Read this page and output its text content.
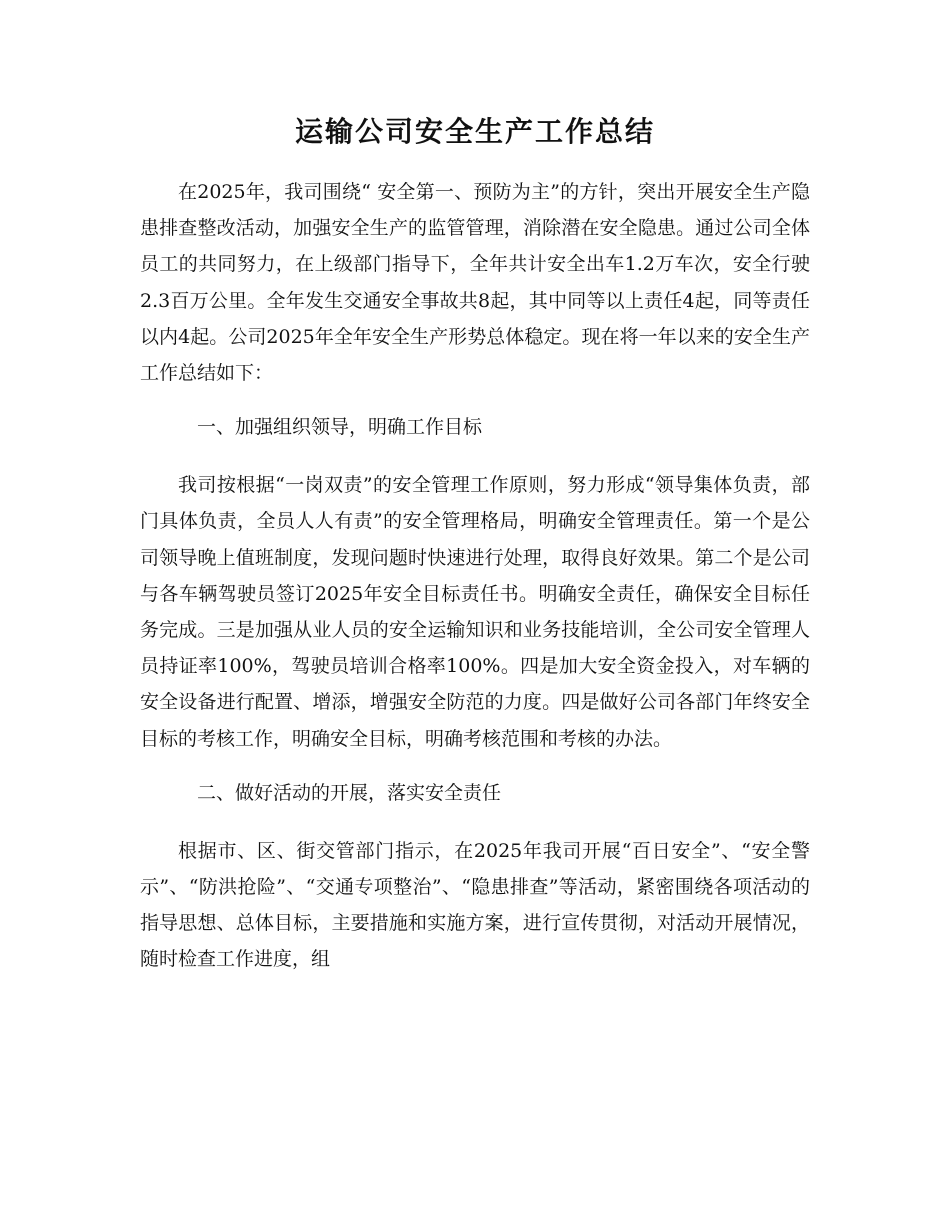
运输公司安全生产工作总结

在2025年，我司围绕“ 安全第一、预防为主”的方针，突出开展安全生产隐患排查整改活动，加强安全生产的监管管理，消除潜在安全隐患。通过公司全体员工的共同努力，在上级部门指导下，全年共计安全出车1.2万车次，安全行驶2.3百万公里。全年发生交通安全事故共8起，其中同等以上责任4起，同等责任以内4起。公司2025年全年安全生产形势总体稳定。现在将一年以来的安全生产工作总结如下：

一、加强组织领导，明确工作目标

我司按根据“一岗双责”的安全管理工作原则，努力形成“领导集体负责，部门具体负责，全员人人有责”的安全管理格局，明确安全管理责任。第一个是公司领导晚上值班制度，发现问题时快速进行处理，取得良好效果。第二个是公司与各车辆驾驶员签订2025年安全目标责任书。明确安全责任，确保安全目标任务完成。三是加强从业人员的安全运输知识和业务技能培训，全公司安全管理人员持证率100%，驾驶员培训合格率100%。四是加大安全资金投入，对车辆的安全设备进行配置、增添，增强安全防范的力度。四是做好公司各部门年终安全目标的考核工作，明确安全目标，明确考核范围和考核的办法。

二、做好活动的开展，落实安全责任

根据市、区、街交管部门指示，在2025年我司开展“百日安全”、“安全警示”、“防洪抢险”、“交通专项整治”、“隐患排查”等活动，紧密围绕各项活动的指导思想、总体目标，主要措施和实施方案，进行宣传贯彻，对活动开展情况，随时检查工作进度，组
